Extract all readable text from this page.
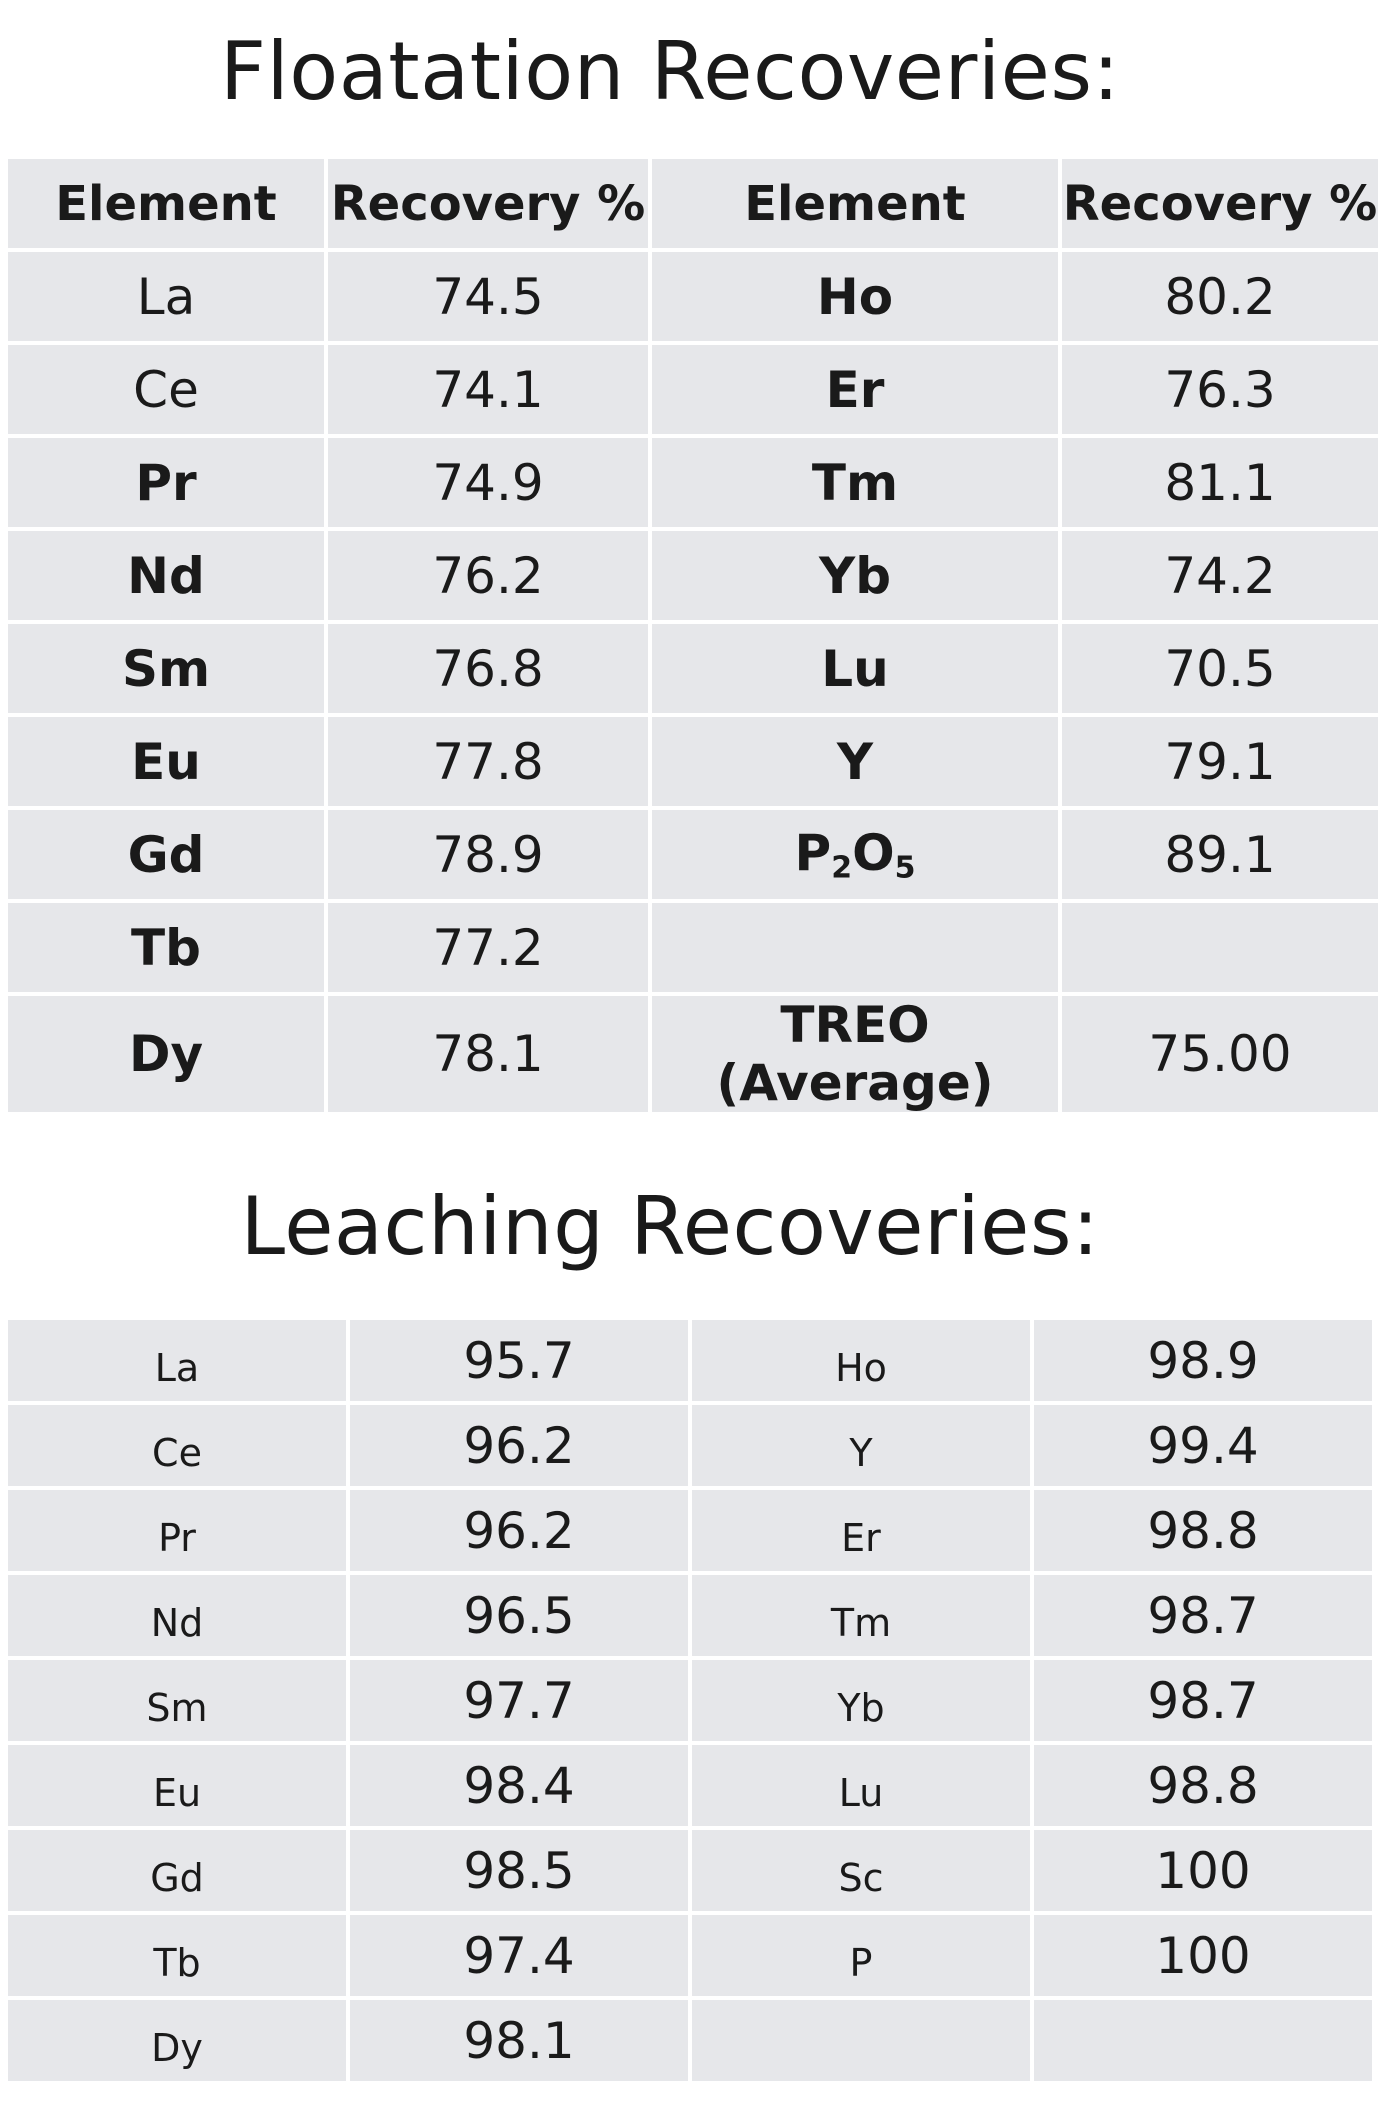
Floatation Recoveries:
Element	Recovery %	Element	Recovery %
La	74.5	Ho	80.2
Ce	74.1	Er	76.3
Pr	74.9	Tm	81.1
Nd	76.2	Yb	74.2
Sm	76.8	Lu	70.5
Eu	77.8	Y	79.1
Gd	78.9	$P_2O_5$	89.1
Tb	77.2		
Dy	78.1	TREO (Average)	75.00
Leaching Recoveries:
La	95.7	Ho	98.9
Ce	96.2	Y	99.4
Pr	96.2	Er	98.8
Nd	96.5	Tm	98.7
Sm	97.7	Yb	98.7
Eu	98.4	Lu	98.8
Gd	98.5	Sc	100
Tb	97.4	P	100
Dy	98.1		
